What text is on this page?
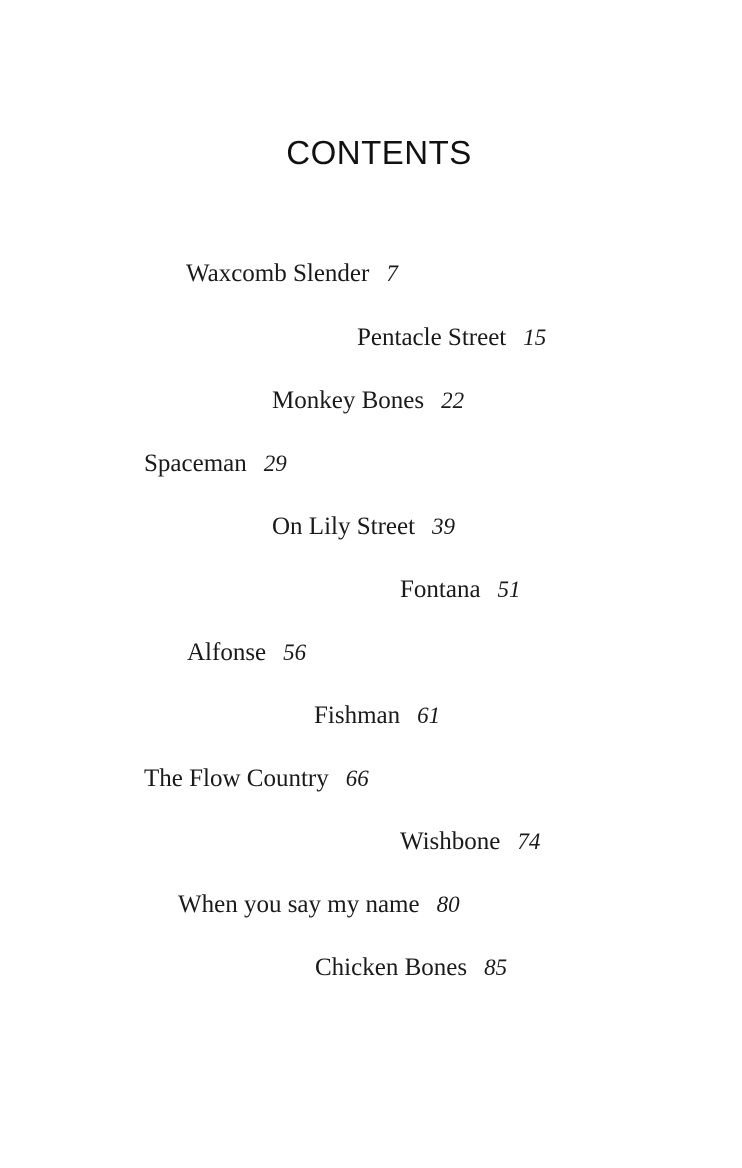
CONTENTS
Waxcomb Slender 7
Pentacle Street 15
Monkey Bones 22
Spaceman 29
On Lily Street 39
Fontana 51
Alfonse 56
Fishman 61
The Flow Country 66
Wishbone 74
When you say my name 80
Chicken Bones 85
